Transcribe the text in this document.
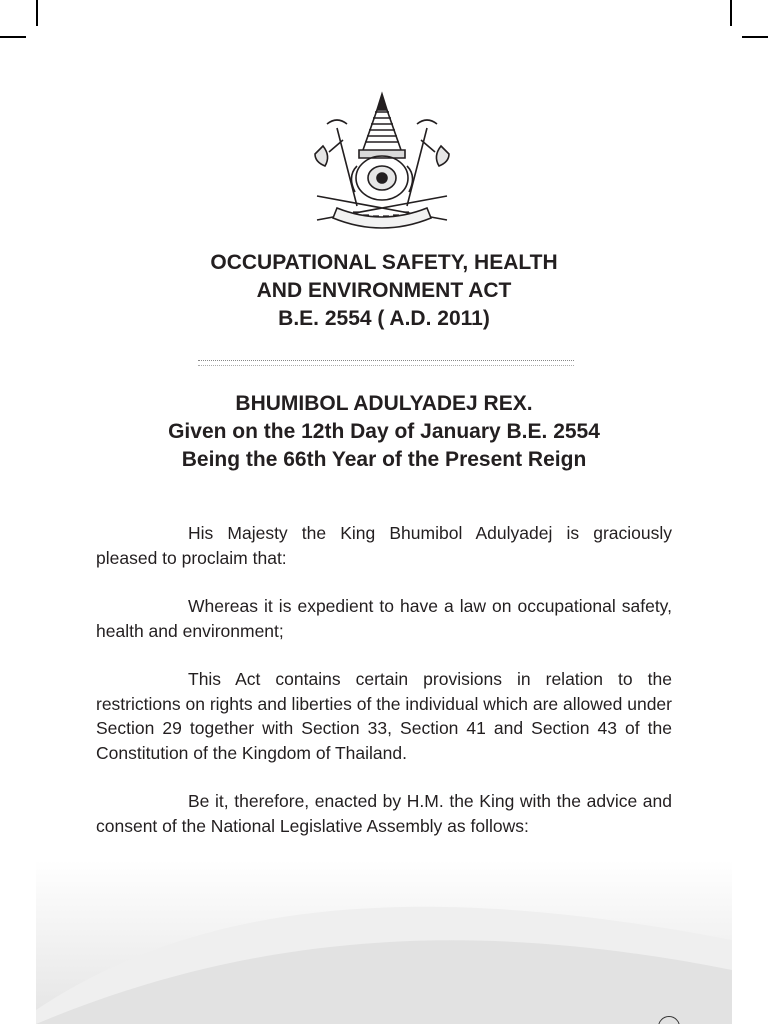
OCCUPATIONAL SAFETY, HEALTH
AND ENVIRONMENT ACT
B.E. 2554 ( A.D. 2011)
BHUMIBOL ADULYADEJ REX.
Given on the 12th Day of January B.E. 2554
Being the 66th Year of the Present Reign

His Majesty the King Bhumibol Adulyadej is graciously pleased to proclaim that:

Whereas it is expedient to have a law on occupational safety, health and environment;

This Act contains certain provisions in relation to the restrictions on rights and liberties of the individual which are allowed under Section 29 together with Section 33, Section 41 and Section 43 of the Constitution of the Kingdom of Thailand.

Be it, therefore, enacted by H.M. the King with the advice and consent of the National Legislative Assembly as follows:
